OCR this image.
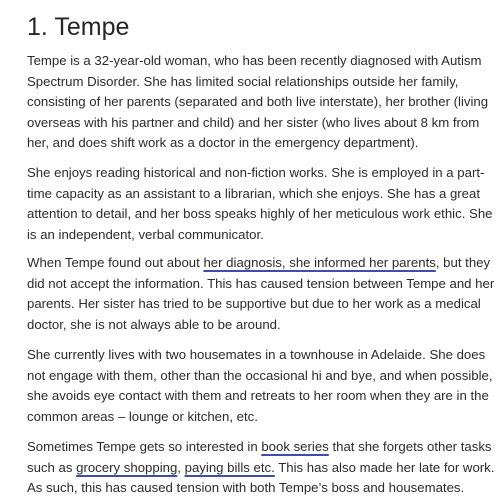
1. Tempe
Tempe is a 32-year-old woman, who has been recently diagnosed with Autism
Spectrum Disorder. She has limited social relationships outside her family,
consisting of her parents (separated and both live interstate), her brother (living
overseas with his partner and child) and her sister (who lives about 8 km from
her, and does shift work as a doctor in the emergency department).
She enjoys reading historical and non-fiction works. She is employed in a part-
time capacity as an assistant to a librarian, which she enjoys. She has a great
attention to detail, and her boss speaks highly of her meticulous work ethic. She
is an independent, verbal communicator.
When Tempe found out about her diagnosis, she informed her parents, but they
did not accept the information. This has caused tension between Tempe and her
parents. Her sister has tried to be supportive but due to her work as a medical
doctor, she is not always able to be around.
She currently lives with two housemates in a townhouse in Adelaide. She does
not engage with them, other than the occasional hi and bye, and when possible,
she avoids eye contact with them and retreats to her room when they are in the
common areas – lounge or kitchen, etc.
Sometimes Tempe gets so interested in book series that she forgets other tasks
such as grocery shopping, paying bills etc. This has also made her late for work.
As such, this has caused tension with both Tempe’s boss and housemates.
